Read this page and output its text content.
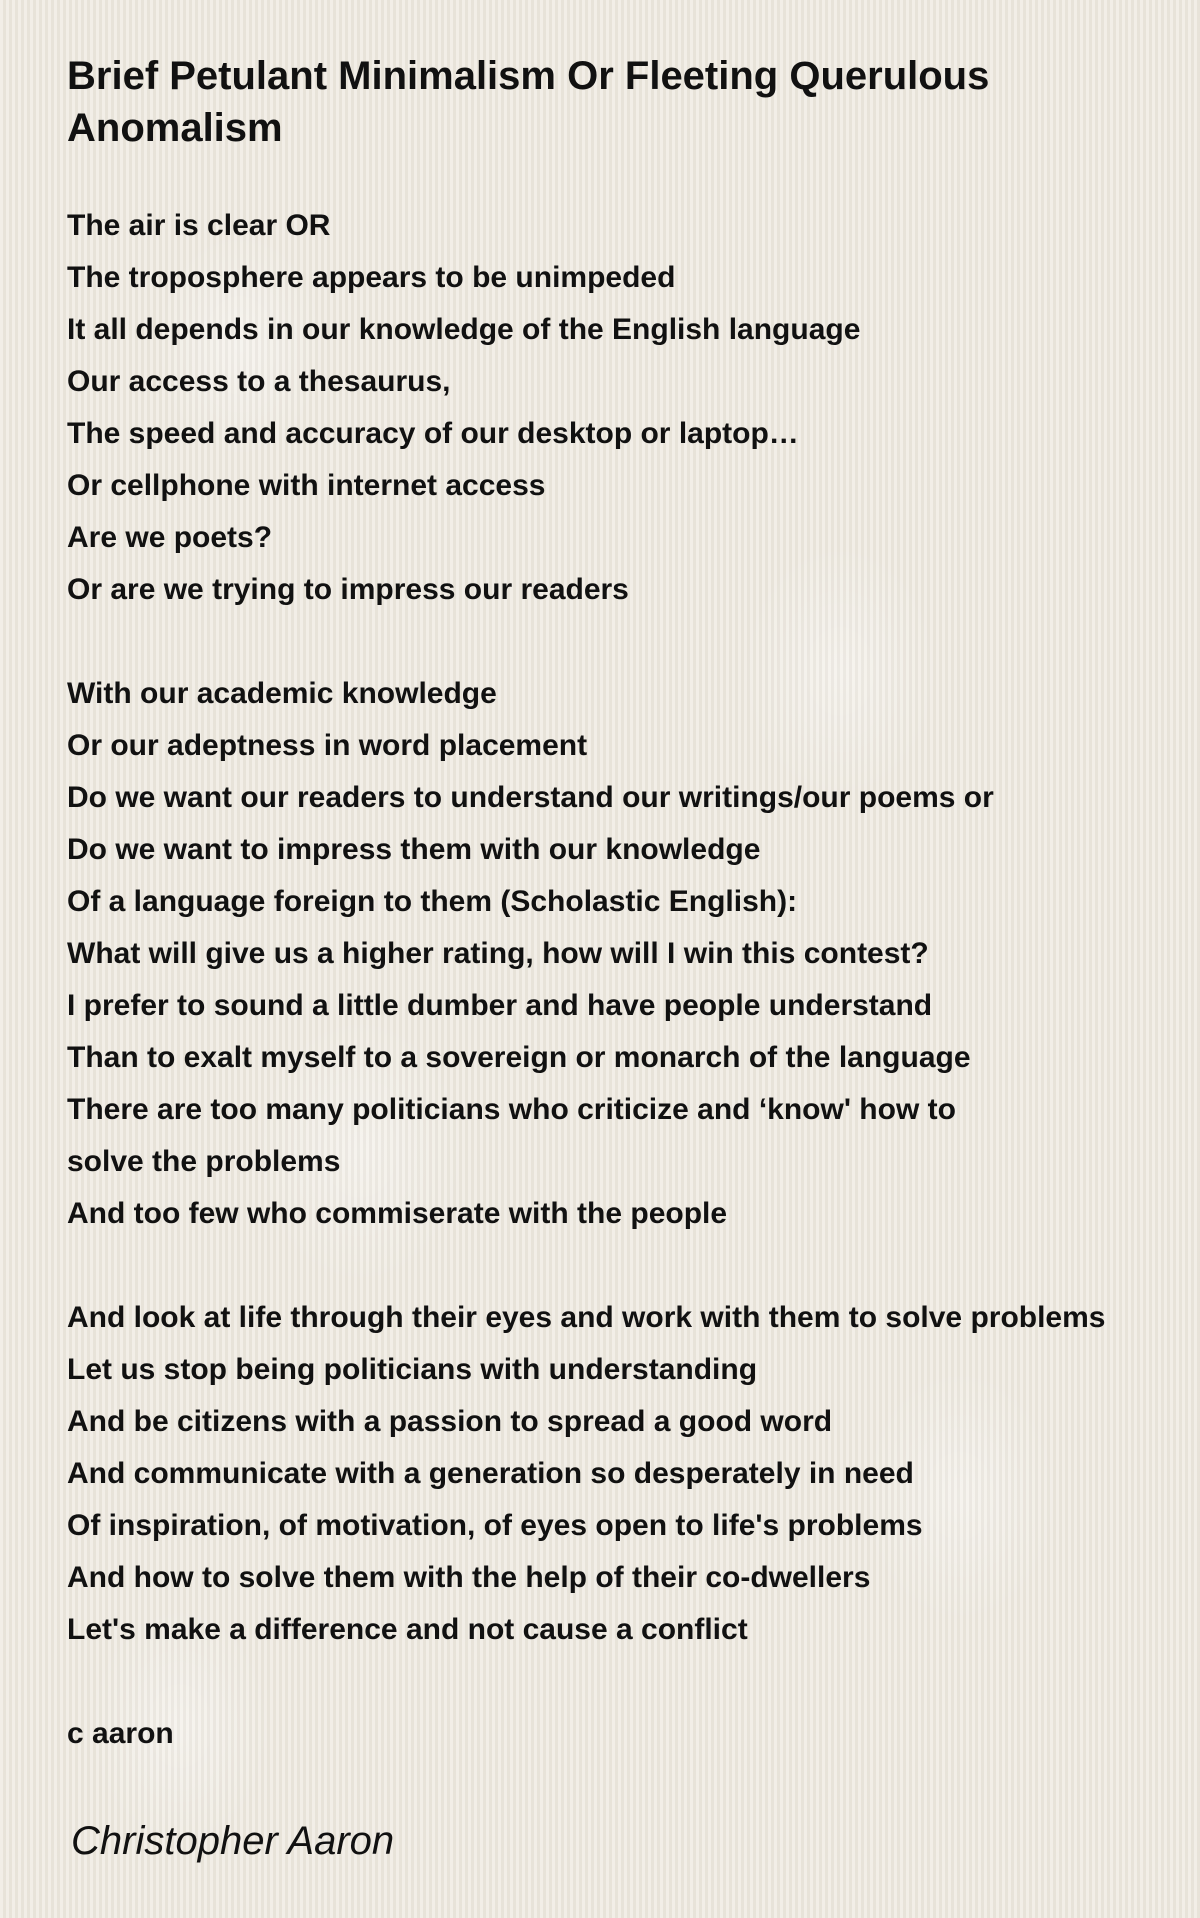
Brief Petulant Minimalism Or Fleeting Querulous Anomalism
The air is clear OR
The troposphere appears to be unimpeded
It all depends in our knowledge of the English language
Our access to a thesaurus,
The speed and accuracy of our desktop or laptop…
Or cellphone with internet access
Are we poets?
Or are we trying to impress our readers
With our academic knowledge
Or our adeptness in word placement
Do we want our readers to understand our writings/our poems or
Do we want to impress them with our knowledge
Of a language foreign to them (Scholastic English):
What will give us a higher rating, how will I win this contest?
I prefer to sound a little dumber and have people understand
Than to exalt myself to a sovereign or monarch of the language
There are too many politicians who criticize and ‘know' how to
solve the problems
And too few who commiserate with the people
And look at life through their eyes and work with them to solve problems
Let us stop being politicians with understanding
And be citizens with a passion to spread a good word
And communicate with a generation so desperately in need
Of inspiration, of motivation, of eyes open to life's problems
And how to solve them with the help of their co-dwellers
Let's make a difference and not cause a conflict
c aaron
Christopher Aaron
